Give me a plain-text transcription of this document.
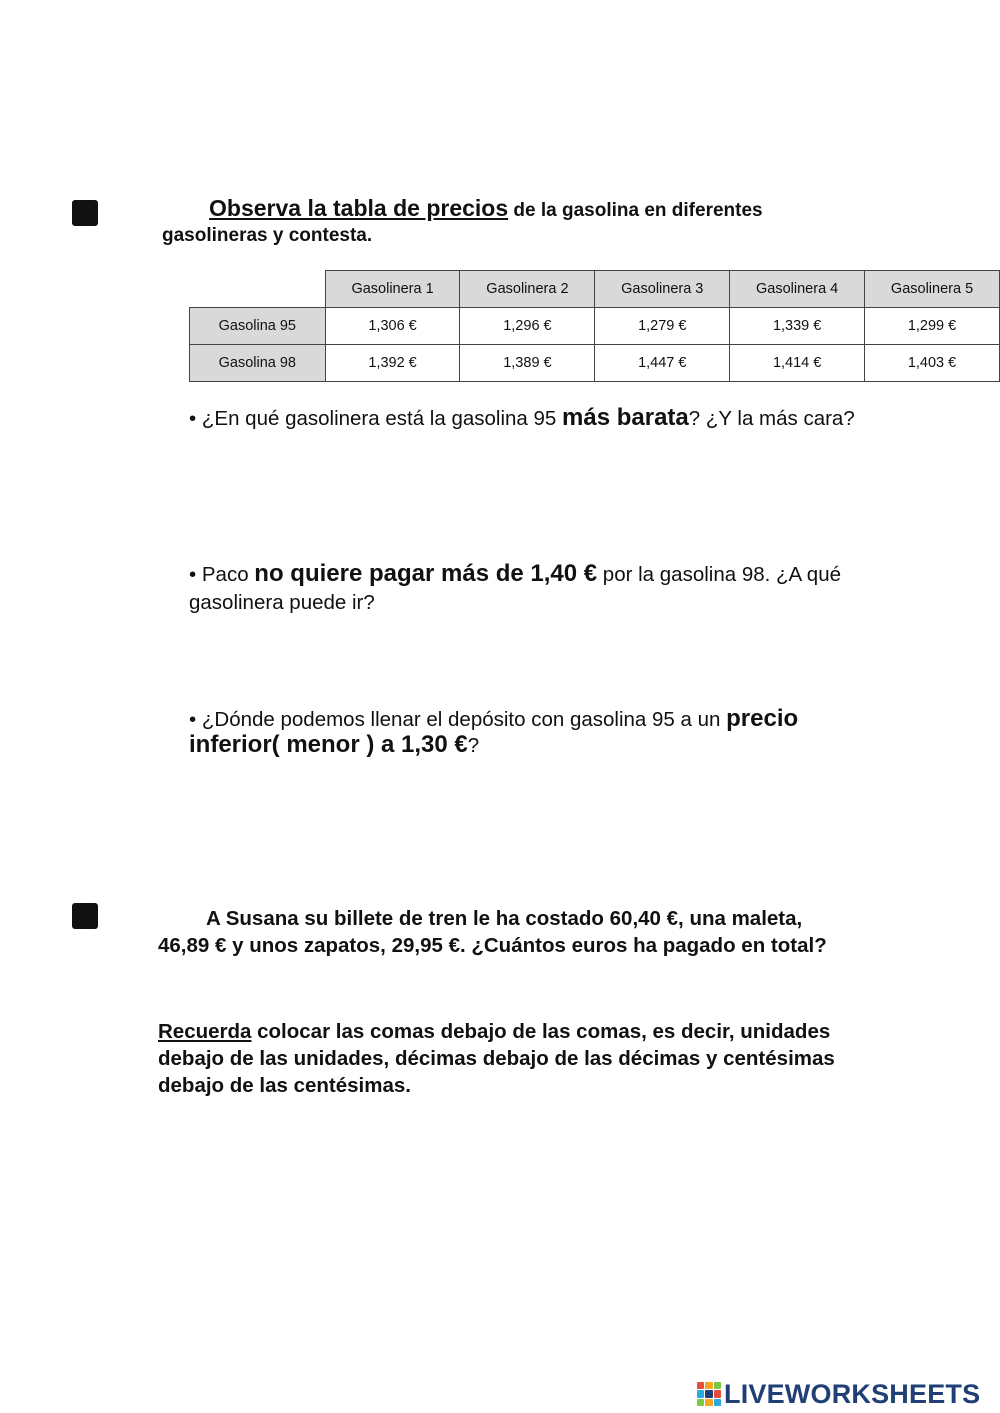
Observa la tabla de precios de la gasolina en diferentes gasolineras y contesta.
	Gasolinera 1	Gasolinera 2	Gasolinera 3	Gasolinera 4	Gasolinera 5
Gasolina 95	1,306 €	1,296 €	1,279 €	1,339 €	1,299 €
Gasolina 98	1,392 €	1,389 €	1,447 €	1,414 €	1,403 €
• ¿En qué gasolinera está la gasolina 95 más barata? ¿Y la más cara?
• Paco no quiere pagar más de 1,40 € por la gasolina 98. ¿A qué gasolinera puede ir?
• ¿Dónde podemos llenar el depósito con gasolina 95 a un precio inferior( menor ) a 1,30 €?
A Susana su billete de tren le ha costado 60,40 €, una maleta, 46,89 € y unos zapatos, 29,95 €. ¿Cuántos euros ha pagado en total?
Recuerda colocar las comas debajo de las comas, es decir, unidades debajo de las unidades, décimas debajo de las décimas y centésimas debajo de las centésimas.
LIVEWORKSHEETS
